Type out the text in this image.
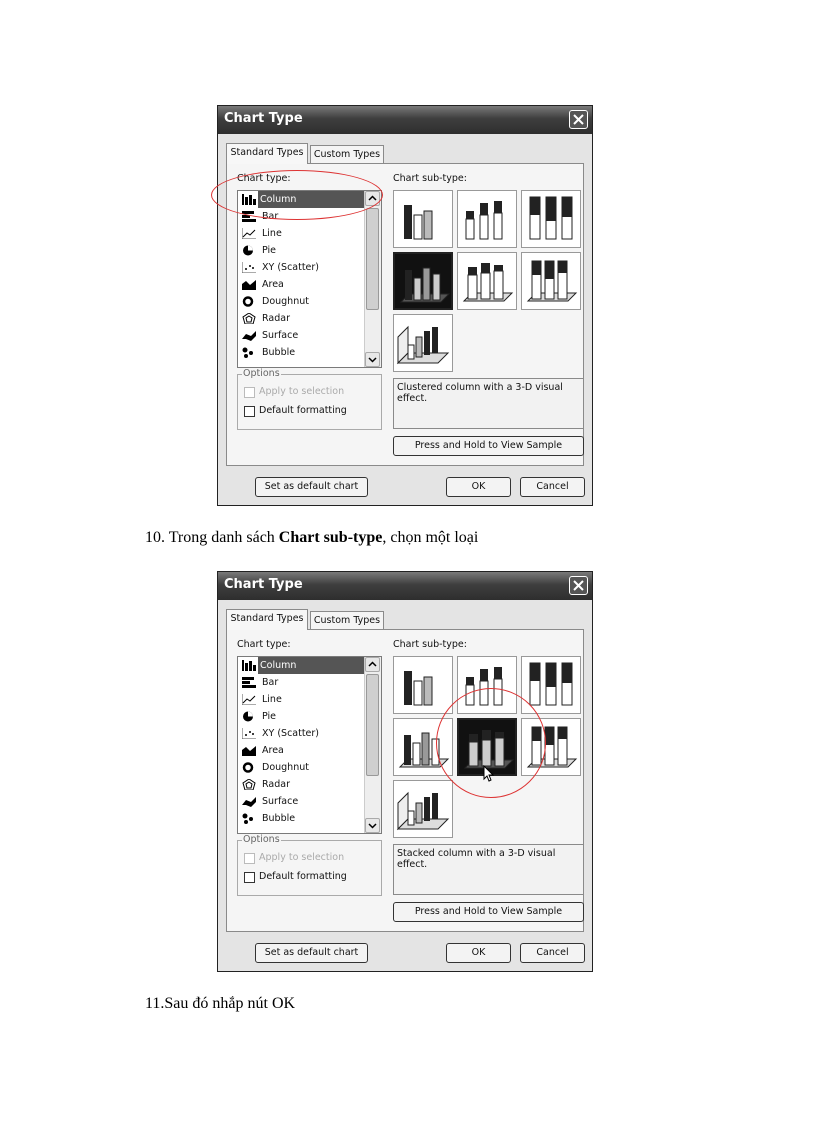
Chart Type
Standard Types	Custom Types
Chart type:	Chart sub-type:
Column
Bar
Line
Pie
XY (Scatter)
Area
Doughnut
Radar
Surface
Bubble
Options
Apply to selection
Default formatting
Clustered column with a 3-D visual effect.
Press and Hold to View Sample
Set as default chart	OK	Cancel
10. Trong danh sách Chart sub-type, chọn một loại
Chart Type
Standard Types	Custom Types
Chart type:	Chart sub-type:
Column
Bar
Line
Pie
XY (Scatter)
Area
Doughnut
Radar
Surface
Bubble
Options
Apply to selection
Default formatting
Stacked column with a 3-D visual effect.
Press and Hold to View Sample
Set as default chart	OK	Cancel
11.Sau đó nhắp nút OK
